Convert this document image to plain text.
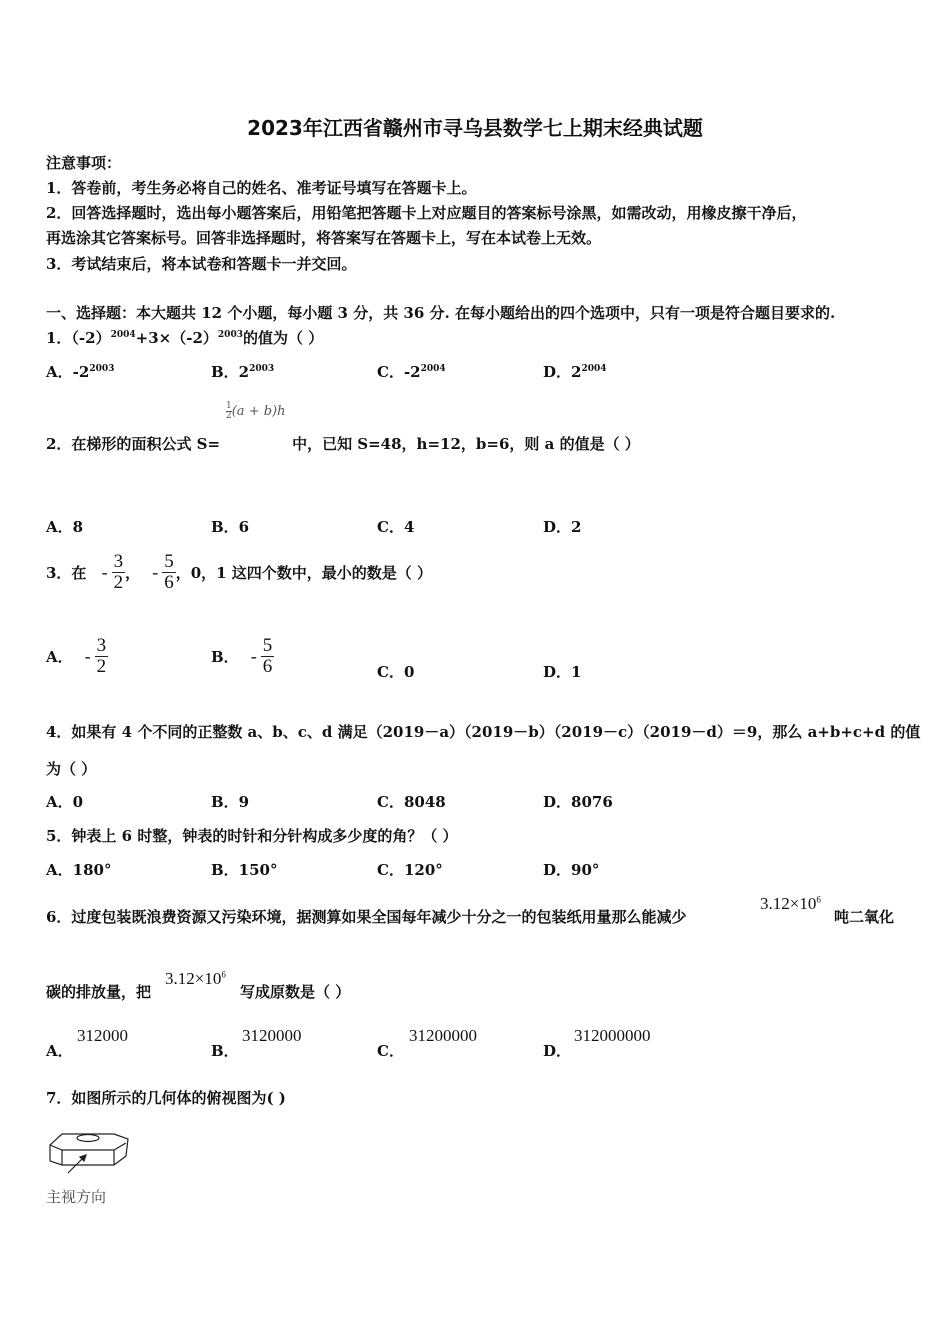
2023年江西省赣州市寻乌县数学七上期末经典试题
注意事项：
1．答卷前，考生务必将自己的姓名、准考证号填写在答题卡上。
2．回答选择题时，选出每小题答案后，用铅笔把答题卡上对应题目的答案标号涂黑，如需改动，用橡皮擦干净后，
再选涂其它答案标号。回答非选择题时，将答案写在答题卡上，写在本试卷上无效。
3．考试结束后，将本试卷和答题卡一并交回。
一、选择题：本大题共 12 个小题，每小题 3 分，共 36 分. 在每小题给出的四个选项中，只有一项是符合题目要求的.
1．$(-2)^{2004}+3\times(-2)^{2003}$的值为（ ）
A．$-2^{2003}$	B．$2^{2003}$	C．$-2^{2004}$	D．$2^{2004}$
$\frac{1}{2} (a + b)h$
2．在梯形的面积公式 S=	中，已知 S=48，h=12，b=6，则 a 的值是（ ）
A．8	B．6	C．4	D．2
3．在 - $\frac{3}{2}$ ， - $\frac{5}{6}$ ，0，1 这四个数中，最小的数是（ ）
A． - $\frac{3}{2}$	B． - $\frac{5}{6}$	C．0	D．1
4．如果有 4 个不同的正整数 a、b、c、d 满足（2019－a）（2019－b）（2019－c）（2019－d）＝9，那么 a+b+c+d 的值
为（ ）
A．0	B．9	C．8048	D．8076
5．钟表上 6 时整，钟表的时针和分针构成多少度的角？（ ）
A．180°	B．150°	C．120°	D．90°
6．过度包装既浪费资源又污染环境，据测算如果全国每年减少十分之一的包装纸用量那么能减少
$3.12\times 10^6$
吨二氧化
碳的排放量，把
$3.12\times 10^6$
写成原数是（ ）
A．
312000
B．
3120000
C．
31200000
D．
312000000
7．如图所示的几何体的俯视图为( )
主视方向
